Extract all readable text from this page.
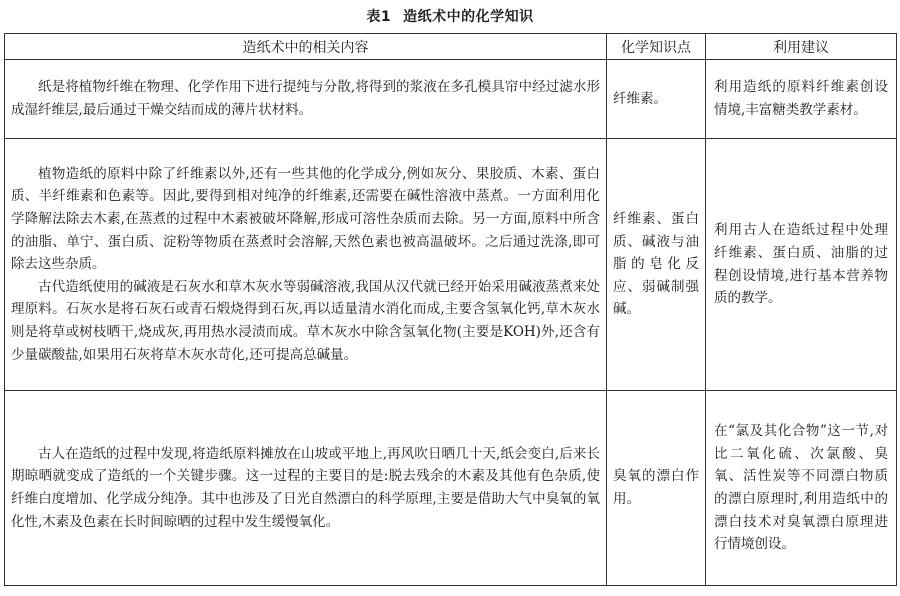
表1 造纸术中的化学知识
造纸术中的相关内容	化学知识点	利用建议

纸是将植物纤维在物理、化学作用下进行提纯与分散,将得到的浆液在多孔模具帘中经过滤水形成湿纤维层,最后通过干燥交结而成的薄片状材料。	纤维素。	利用造纸的原料纤维素创设情境,丰富糖类教学素材。

植物造纸的原料中除了纤维素以外,还有一些其他的化学成分,例如灰分、果胶质、木素、蛋白质、半纤维素和色素等。因此,要得到相对纯净的纤维素,还需要在碱性溶液中蒸煮。一方面利用化学降解法除去木素,在蒸煮的过程中木素被破坏降解,形成可溶性杂质而去除。另一方面,原料中所含的油脂、单宁、蛋白质、淀粉等物质在蒸煮时会溶解,天然色素也被高温破坏。之后通过洗涤,即可除去这些杂质。

古代造纸使用的碱液是石灰水和草木灰水等弱碱溶液,我国从汉代就已经开始采用碱液蒸煮来处理原料。石灰水是将石灰石或青石煅烧得到石灰,再以适量清水消化而成,主要含氢氧化钙,草木灰水则是将草或树枝晒干,烧成灰,再用热水浸渍而成。草木灰水中除含氢氧化物(主要是KOH)外,还含有少量碳酸盐,如果用石灰将草木灰水苛化,还可提高总碱量。	纤维素、蛋白质、碱液与油脂的皂化反应、弱碱制强碱。	利用古人在造纸过程中处理纤维素、蛋白质、油脂的过程创设情境,进行基本营养物质的教学。

古人在造纸的过程中发现,将造纸原料摊放在山坡或平地上,再风吹日晒几十天,纸会变白,后来长期晾晒就变成了造纸的一个关键步骤。这一过程的主要目的是:脱去残余的木素及其他有色杂质,使纤维白度增加、化学成分纯净。其中也涉及了日光自然漂白的科学原理,主要是借助大气中臭氧的氧化性,木素及色素在长时间晾晒的过程中发生缓慢氧化。	臭氧的漂白作用。	在“氯及其化合物”这一节,对比二氧化硫、次氯酸、臭氧、活性炭等不同漂白物质的漂白原理时,利用造纸中的漂白技术对臭氧漂白原理进行情境创设。
